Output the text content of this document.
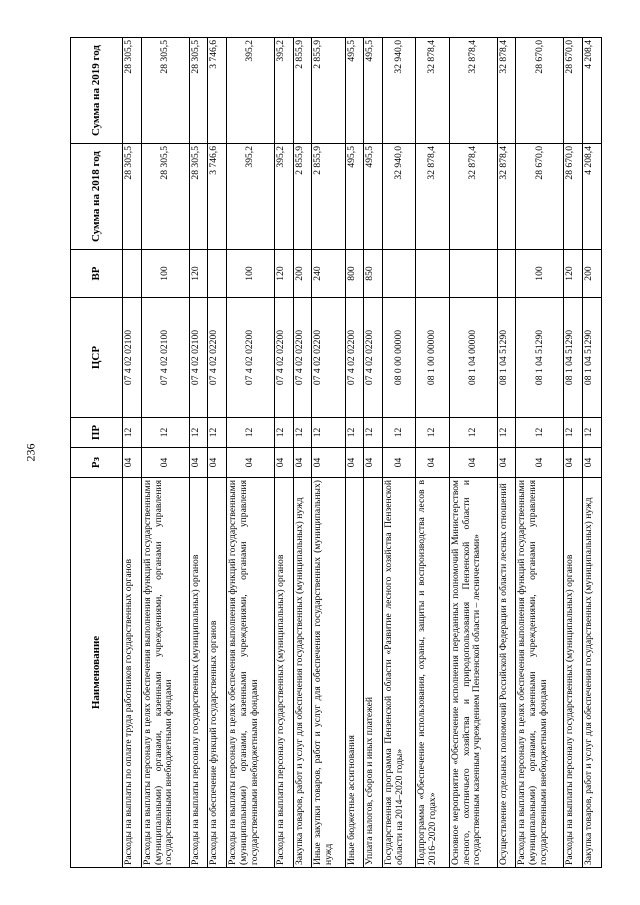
236
Наименование	Рз	ПР	ЦСР	ВР	Сумма на 2018 год	Сумма на 2019 год
Расходы на выплаты по оплате труда работников государственных органов	04	12	07 4 02 02100		28 305,5	28 305,5
Расходы на выплаты персоналу в целях обеспечения выполнения функций государственными (муниципальными) органами, казенными учреждениями, органами управления государственными внебюджетными фондами	04	12	07 4 02 02100	100	28 305,5	28 305,5
Расходы на выплаты персоналу государственных (муниципальных) органов	04	12	07 4 02 02100	120	28 305,5	28 305,5
Расходы на обеспечение функций государственных органов	04	12	07 4 02 02200		3 746,6	3 746,6
Расходы на выплаты персоналу в целях обеспечения выполнения функций государственными (муниципальными) органами, казенными учреждениями, органами управления государственными внебюджетными фондами	04	12	07 4 02 02200	100	395,2	395,2
Расходы на выплаты персоналу государственных (муниципальных) органов	04	12	07 4 02 02200	120	395,2	395,2
Закупка товаров, работ и услуг для обеспечения государственных (муниципальных) нужд	04	12	07 4 02 02200	200	2 855,9	2 855,9
Иные закупки товаров, работ и услуг для обеспечения государственных (муниципальных) нужд	04	12	07 4 02 02200	240	2 855,9	2 855,9
Иные бюджетные ассигнования	04	12	07 4 02 02200	800	495,5	495,5
Уплата налогов, сборов и иных платежей	04	12	07 4 02 02200	850	495,5	495,5
Государственная программа Пензенской области «Развитие лесного хозяйства Пензенской области на 2014–2020 годы»	04	12	08 0 00 00000		32 940,0	32 940,0
Подпрограмма «Обеспечение использования, охраны, защиты и воспроизводства лесов в 2016–2020 годах»	04	12	08 1 00 00000		32 878,4	32 878,4
Основное мероприятие «Обеспечение исполнения переданных полномочий Министерством лесного, охотничьего хозяйства и природопользования Пензенской области и государственным казенным учреждением Пензенской области – лесничествами»	04	12	08 1 04 00000		32 878,4	32 878,4
Осуществление отдельных полномочий Российской Федерации в области лесных отношений	04	12	08 1 04 51290		32 878,4	32 878,4
Расходы на выплаты персоналу в целях обеспечения выполнения функций государственными (муниципальными) органами, казенными учреждениями, органами управления государственными внебюджетными фондами	04	12	08 1 04 51290	100	28 670,0	28 670,0
Расходы на выплаты персоналу государственных (муниципальных) органов	04	12	08 1 04 51290	120	28 670,0	28 670,0
Закупка товаров, работ и услуг для обеспечения государственных (муниципальных) нужд	04	12	08 1 04 51290	200	4 208,4	4 208,4
